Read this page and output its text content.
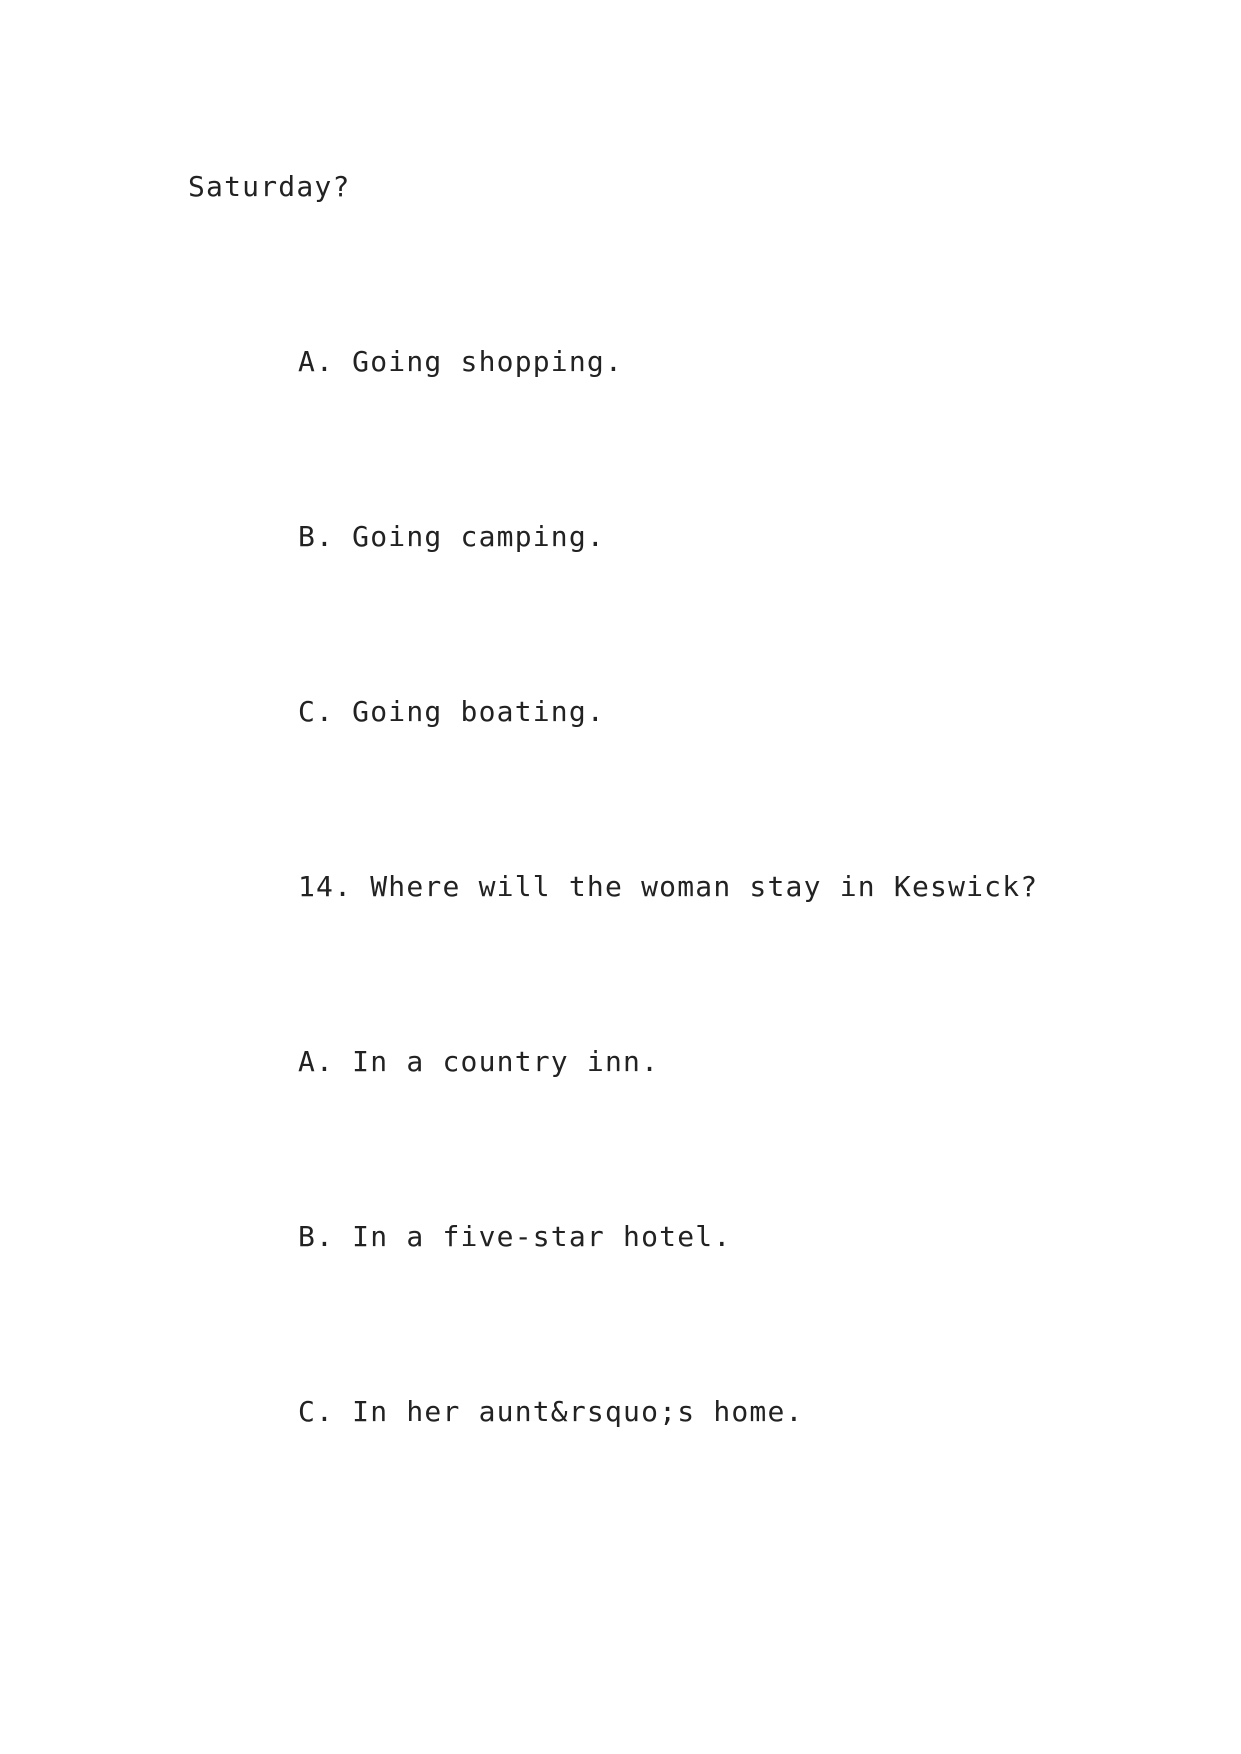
Saturday?
A. Going shopping.
B. Going camping.
C. Going boating.
14. Where will the woman stay in Keswick?
A. In a country inn.
B. In a five-star hotel.
C. In her aunt&rsquo;s home.
